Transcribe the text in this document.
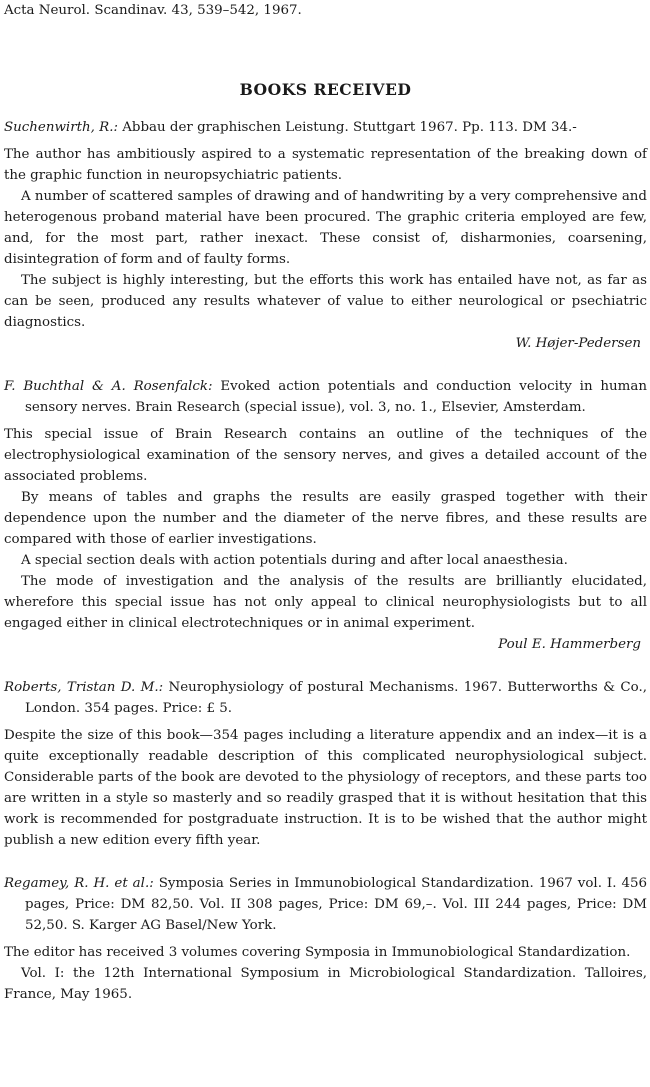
Acta Neurol. Scandinav. 43, 539–542, 1967.

BOOKS RECEIVED

Suchenwirth, R.: Abbau der graphischen Leistung. Stuttgart 1967. Pp. 113. DM 34.-

The author has ambitiously aspired to a systematic representation of the breaking down of the graphic function in neuropsychiatric patients.

A number of scattered samples of drawing and of handwriting by a very comprehensive and heterogenous proband material have been procured. The graphic criteria employed are few, and, for the most part, rather inexact. These consist of, disharmonies, coarsening, disintegration of form and of faulty forms.

The subject is highly interesting, but the efforts this work has entailed have not, as far as can be seen, produced any results whatever of value to either neurological or psechiatric diagnostics.

W. Højer-Pedersen

F. Buchthal & A. Rosenfalck: Evoked action potentials and conduction velocity in human sensory nerves. Brain Research (special issue), vol. 3, no. 1., Elsevier, Amsterdam.

This special issue of Brain Research contains an outline of the techniques of the electrophysiological examination of the sensory nerves, and gives a detailed account of the associated problems.

By means of tables and graphs the results are easily grasped together with their dependence upon the number and the diameter of the nerve fibres, and these results are compared with those of earlier investigations.

A special section deals with action potentials during and after local anaesthesia.

The mode of investigation and the analysis of the results are brilliantly elucidated, wherefore this special issue has not only appeal to clinical neurophysiologists but to all engaged either in clinical electrotechniques or in animal experiment.

Poul E. Hammerberg

Roberts, Tristan D. M.: Neurophysiology of postural Mechanisms. 1967. Butterworths & Co., London. 354 pages. Price: £ 5.

Despite the size of this book—354 pages including a literature appendix and an index—it is a quite exceptionally readable description of this complicated neurophysiological subject. Considerable parts of the book are devoted to the physiology of receptors, and these parts too are written in a style so masterly and so readily grasped that it is without hesitation that this work is recommended for postgraduate instruction. It is to be wished that the author might publish a new edition every fifth year.

Regamey, R. H. et al.: Symposia Series in Immunobiological Standardization. 1967 vol. I. 456 pages, Price: DM 82,50. Vol. II 308 pages, Price: DM 69,–. Vol. III 244 pages, Price: DM 52,50. S. Karger AG Basel/New York.

The editor has received 3 volumes covering Symposia in Immunobiological Standardization.

Vol. I: the 12th International Symposium in Microbiological Standardization. Talloires, France, May 1965.
